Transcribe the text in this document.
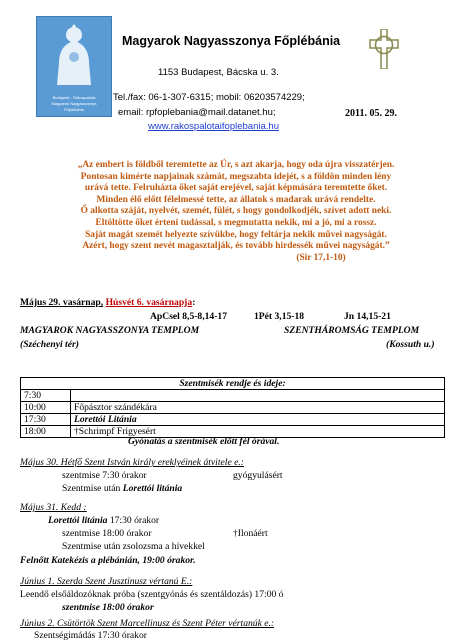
Budapest - Rákospalota
Magyarok Nagyasszonya
Főplébánia
Magyarok Nagyasszonya Főplébánia
1153 Budapest, Bácska u. 3.
Tel./fax: 06-1-307-6315; mobil: 06203574229;
email: rpfoplebania@mail.datanet.hu;
www.rakospalotaifoplebania.hu
2011. 05. 29.
„Az embert is földből teremtette az Úr, s azt akarja, hogy oda újra visszatérjen.
Pontosan kimérte napjainak számát, megszabta idejét, s a földön minden lény
urává tette. Felruházta őket saját erejével, saját képmására teremtette őket.
Minden élő előtt félelmessé tette, az állatok s madarak urává rendelte.
Ő alkotta száját, nyelvét, szemét, fülét, s hogy gondolkodjék, szívet adott neki.
Eltöltötte őket érteni tudással, s megmutatta nekik, mi a jó, mi a rossz.
Saját magát szemét helyezte szívükbe, hogy feltárja nekik művei nagyságát.
Azért, hogy szent nevét magasztalják, és tovább hirdessék művei nagyságát.”
(Sir 17,1-10)
Május 29. vasárnap, Húsvét 6. vasárnapja:
ApCsel 8,5-8,14-17	1Pét 3,15-18	Jn 14,15-21
MAGYAROK NAGYASSZONYA TEMPLOM	SZENTHÁROMSÁG TEMPLOM
(Széchenyi tér)	(Kossuth u.)
Szentmisék rendje és ideje:	
7:30	
10:00	Főpásztor szándékára
17:30	Lorettói Litánia
18:00	†Schrimpf Frigyesért
Gyónatás a szentmisék előtt fél órával.
Május 30. Hétfő Szent István király ereklyéinek átvitele e.:
szentmise 7:30 órakor	gyógyulásért
Szentmise után Lorettói litánia
Május 31. Kedd :
Lorettói litánia 17:30 órakor
szentmise 18:00 órakor	†Ilonáért
Szentmise után zsolozsma a hívekkel
Felnőtt Katekézis a plébánián, 19:00 órakor.
Június 1. Szerda Szent Jusztinusz vértanú E.:
Leendő elsőáldozóknak próba (szentgyónás és szentáldozás) 17:00 ó
szentmise 18:00 órakor
Június 2. Csütörtök Szent Marcellinusz és Szent Péter vértanúk e.:
Szentségimádás 17:30 órakor
